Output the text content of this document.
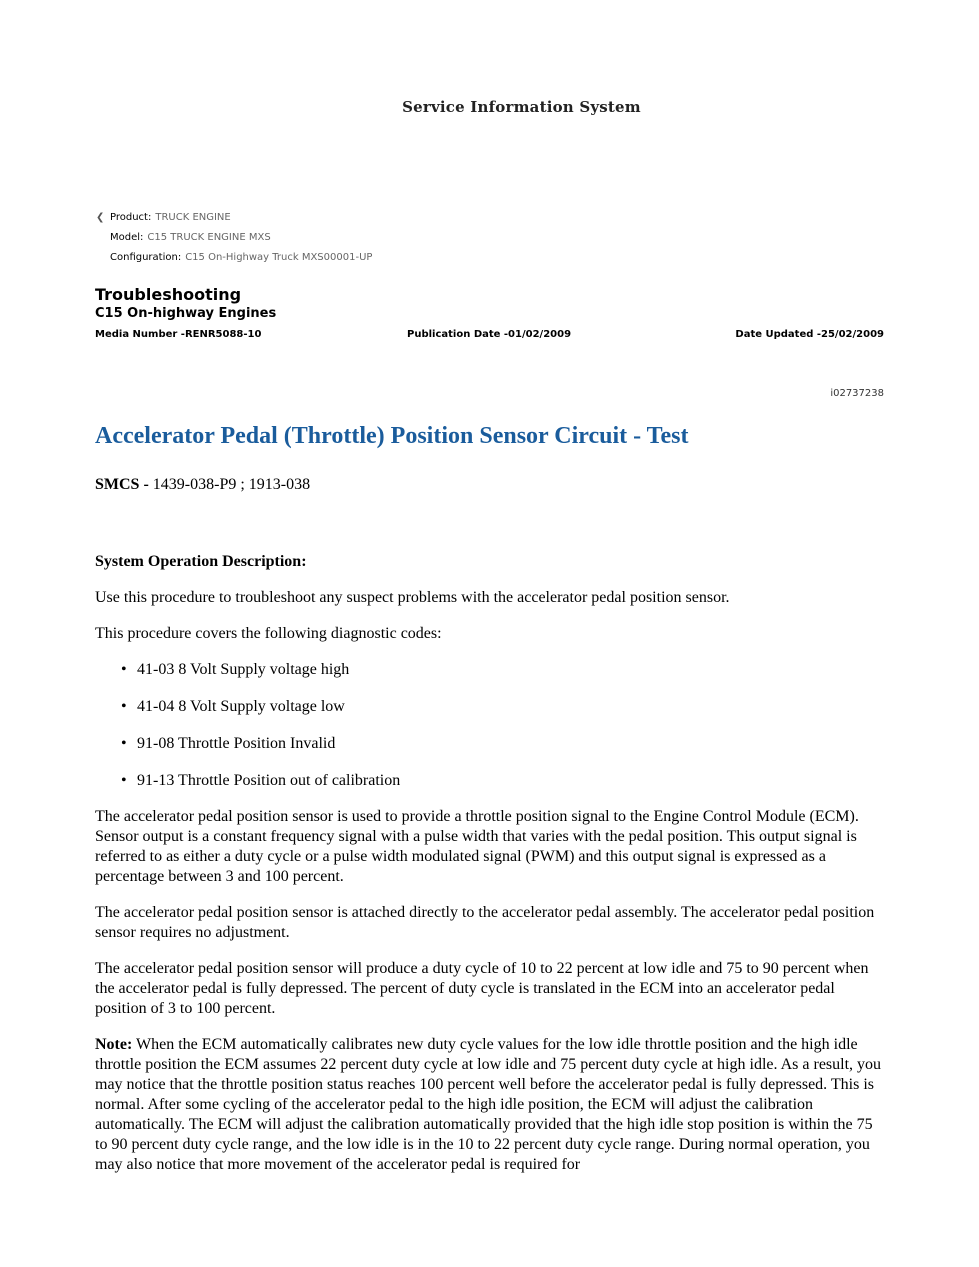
Service Information System
❮ Product: TRUCK ENGINE
Model: C15 TRUCK ENGINE MXS
Configuration: C15 On-Highway Truck MXS00001-UP
Troubleshooting
C15 On-highway Engines
Media Number -RENR5088-10	Publication Date -01/02/2009	Date Updated -25/02/2009
i02737238
Accelerator Pedal (Throttle) Position Sensor Circuit - Test
SMCS - 1439-038-P9 ; 1913-038

System Operation Description:

Use this procedure to troubleshoot any suspect problems with the accelerator pedal position sensor.

This procedure covers the following diagnostic codes:

• 41-03 8 Volt Supply voltage high
• 41-04 8 Volt Supply voltage low
• 91-08 Throttle Position Invalid
• 91-13 Throttle Position out of calibration

The accelerator pedal position sensor is used to provide a throttle position signal to the Engine Control Module (ECM). Sensor output is a constant frequency signal with a pulse width that varies with the pedal position. This output signal is referred to as either a duty cycle or a pulse width modulated signal (PWM) and this output signal is expressed as a percentage between 3 and 100 percent.

The accelerator pedal position sensor is attached directly to the accelerator pedal assembly. The accelerator pedal position sensor requires no adjustment.

The accelerator pedal position sensor will produce a duty cycle of 10 to 22 percent at low idle and 75 to 90 percent when the accelerator pedal is fully depressed. The percent of duty cycle is translated in the ECM into an accelerator pedal position of 3 to 100 percent.

Note: When the ECM automatically calibrates new duty cycle values for the low idle throttle position and the high idle throttle position the ECM assumes 22 percent duty cycle at low idle and 75 percent duty cycle at high idle. As a result, you may notice that the throttle position status reaches 100 percent well before the accelerator pedal is fully depressed. This is normal. After some cycling of the accelerator pedal to the high idle position, the ECM will adjust the calibration automatically. The ECM will adjust the calibration automatically provided that the high idle stop position is within the 75 to 90 percent duty cycle range, and the low idle is in the 10 to 22 percent duty cycle range. During normal operation, you may also notice that more movement of the accelerator pedal is required for
